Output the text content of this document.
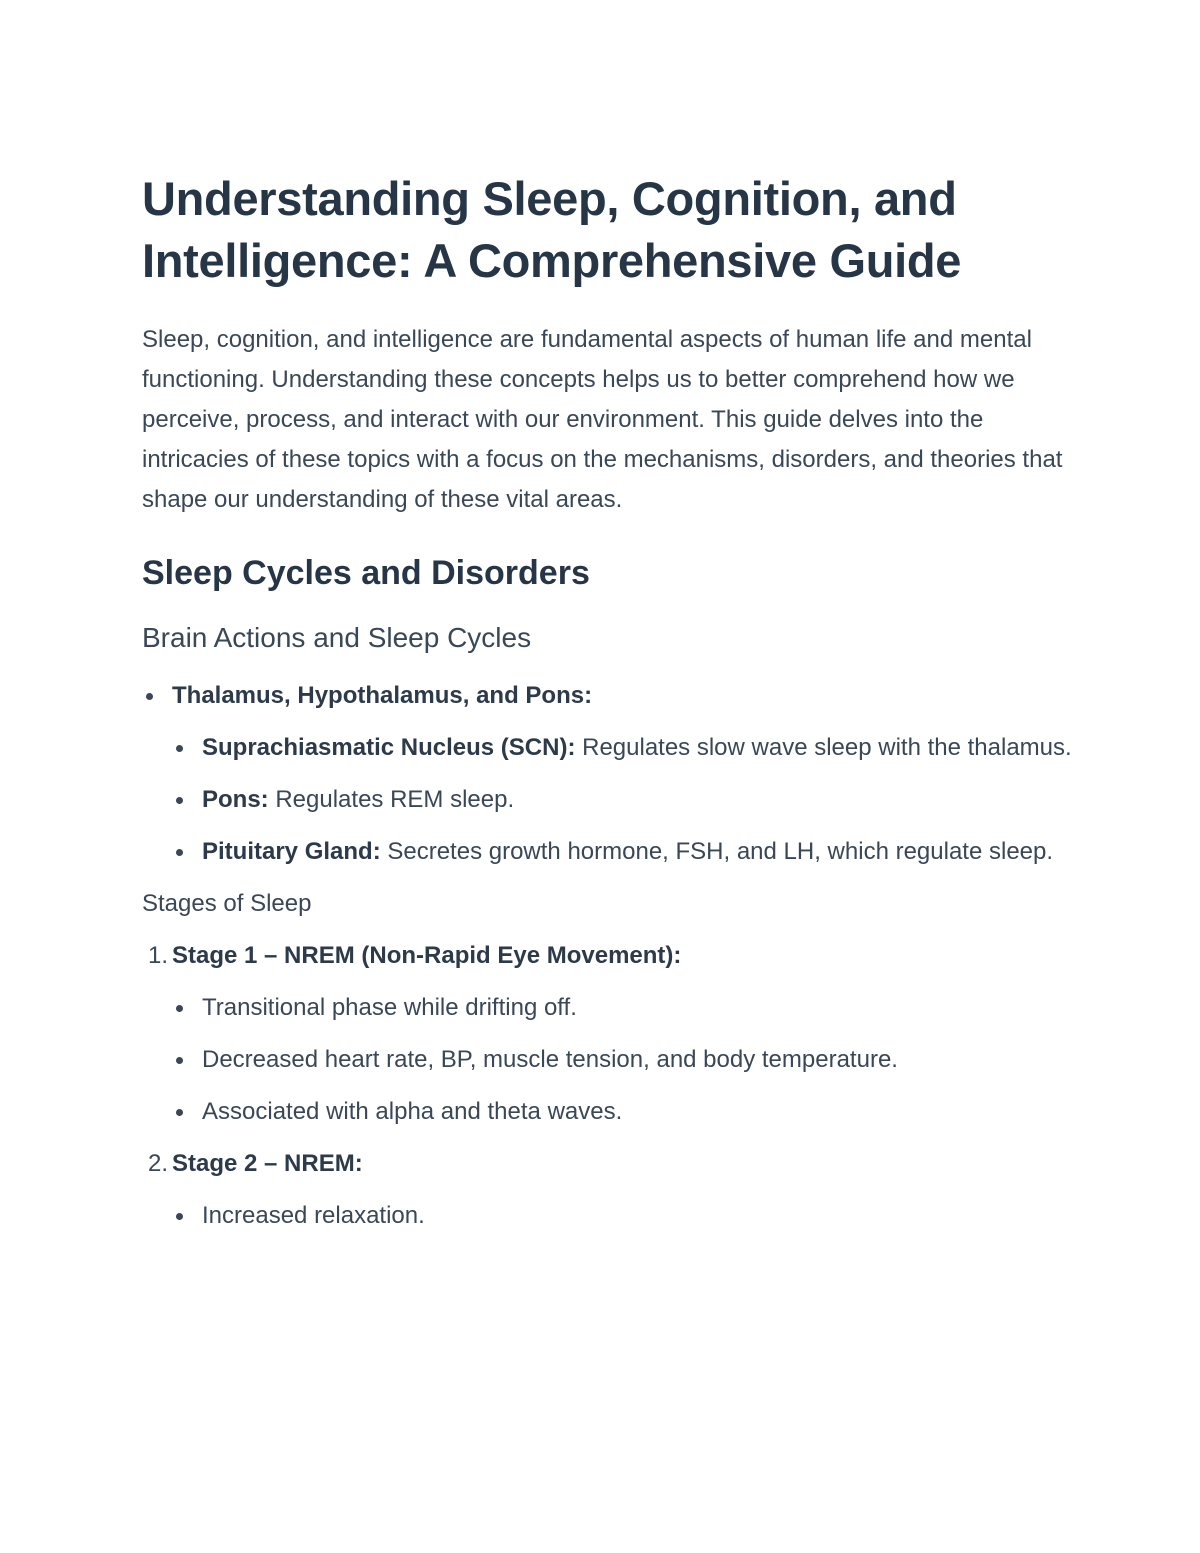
Understanding Sleep, Cognition, and Intelligence: A Comprehensive Guide

Sleep, cognition, and intelligence are fundamental aspects of human life and mental functioning. Understanding these concepts helps us to better comprehend how we perceive, process, and interact with our environment. This guide delves into the intricacies of these topics with a focus on the mechanisms, disorders, and theories that shape our understanding of these vital areas.

Sleep Cycles and Disorders
Brain Actions and Sleep Cycles
Thalamus, Hypothalamus, and Pons:
Suprachiasmatic Nucleus (SCN): Regulates slow wave sleep with the thalamus.
Pons: Regulates REM sleep.
Pituitary Gland: Secretes growth hormone, FSH, and LH, which regulate sleep.
Stages of Sleep
1. Stage 1 – NREM (Non-Rapid Eye Movement):
Transitional phase while drifting off.
Decreased heart rate, BP, muscle tension, and body temperature.
Associated with alpha and theta waves.
2. Stage 2 – NREM:
Increased relaxation.
